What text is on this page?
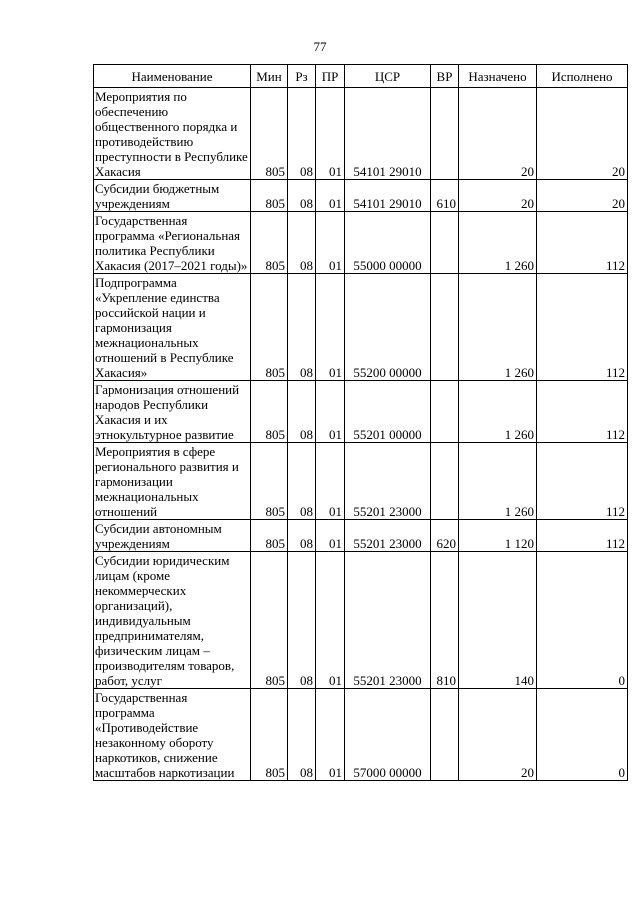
77
Наименование	Мин	Рз	ПР	ЦСР	ВР	Назначено	Исполнено
Мероприятия по обеспечению общественного порядка и противодействию преступности в Республике Хакасия	805	08	01	54101 29010		20	20
Субсидии бюджетным учреждениям	805	08	01	54101 29010	610	20	20
Государственная программа «Региональная политика Республики Хакасия (2017–2021 годы)»	805	08	01	55000 00000		1 260	112
Подпрограмма «Укрепление единства российской нации и гармонизация межнациональных отношений в Республике Хакасия»	805	08	01	55200 00000		1 260	112
Гармонизация отношений народов Республики Хакасия и их этнокультурное развитие	805	08	01	55201 00000		1 260	112
Мероприятия в сфере регионального развития и гармонизации межнациональных отношений	805	08	01	55201 23000		1 260	112
Субсидии автономным учреждениям	805	08	01	55201 23000	620	1 120	112
Субсидии юридическим лицам (кроме некоммерческих организаций), индивидуальным предпринимателям, физическим лицам – производителям товаров, работ, услуг	805	08	01	55201 23000	810	140	0
Государственная программа «Противодействие незаконному обороту наркотиков, снижение масштабов наркотизации	805	08	01	57000 00000		20	0
